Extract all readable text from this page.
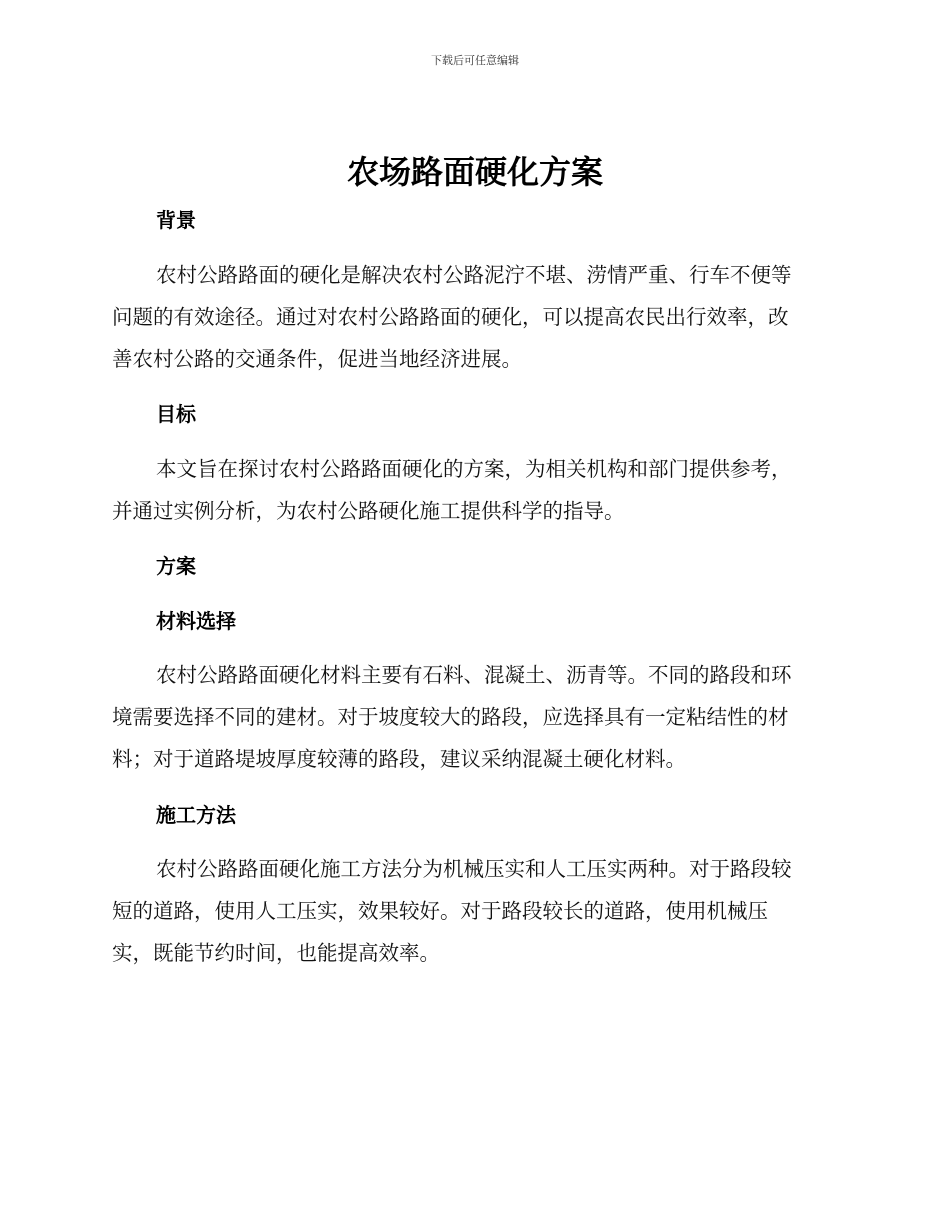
下载后可任意编辑
农场路面硬化方案
背景

农村公路路面的硬化是解决农村公路泥泞不堪、涝情严重、行车不便等
问题的有效途径。通过对农村公路路面的硬化，可以提高农民出行效率，改
善农村公路的交通条件，促进当地经济进展。

目标

本文旨在探讨农村公路路面硬化的方案，为相关机构和部门提供参考，
并通过实例分析，为农村公路硬化施工提供科学的指导。

方案
材料选择

农村公路路面硬化材料主要有石料、混凝土、沥青等。不同的路段和环
境需要选择不同的建材。对于坡度较大的路段，应选择具有一定粘结性的材
料；对于道路堤坡厚度较薄的路段，建议采纳混凝土硬化材料。

施工方法

农村公路路面硬化施工方法分为机械压实和人工压实两种。对于路段较
短的道路，使用人工压实，效果较好。对于路段较长的道路，使用机械压
实，既能节约时间，也能提高效率。
